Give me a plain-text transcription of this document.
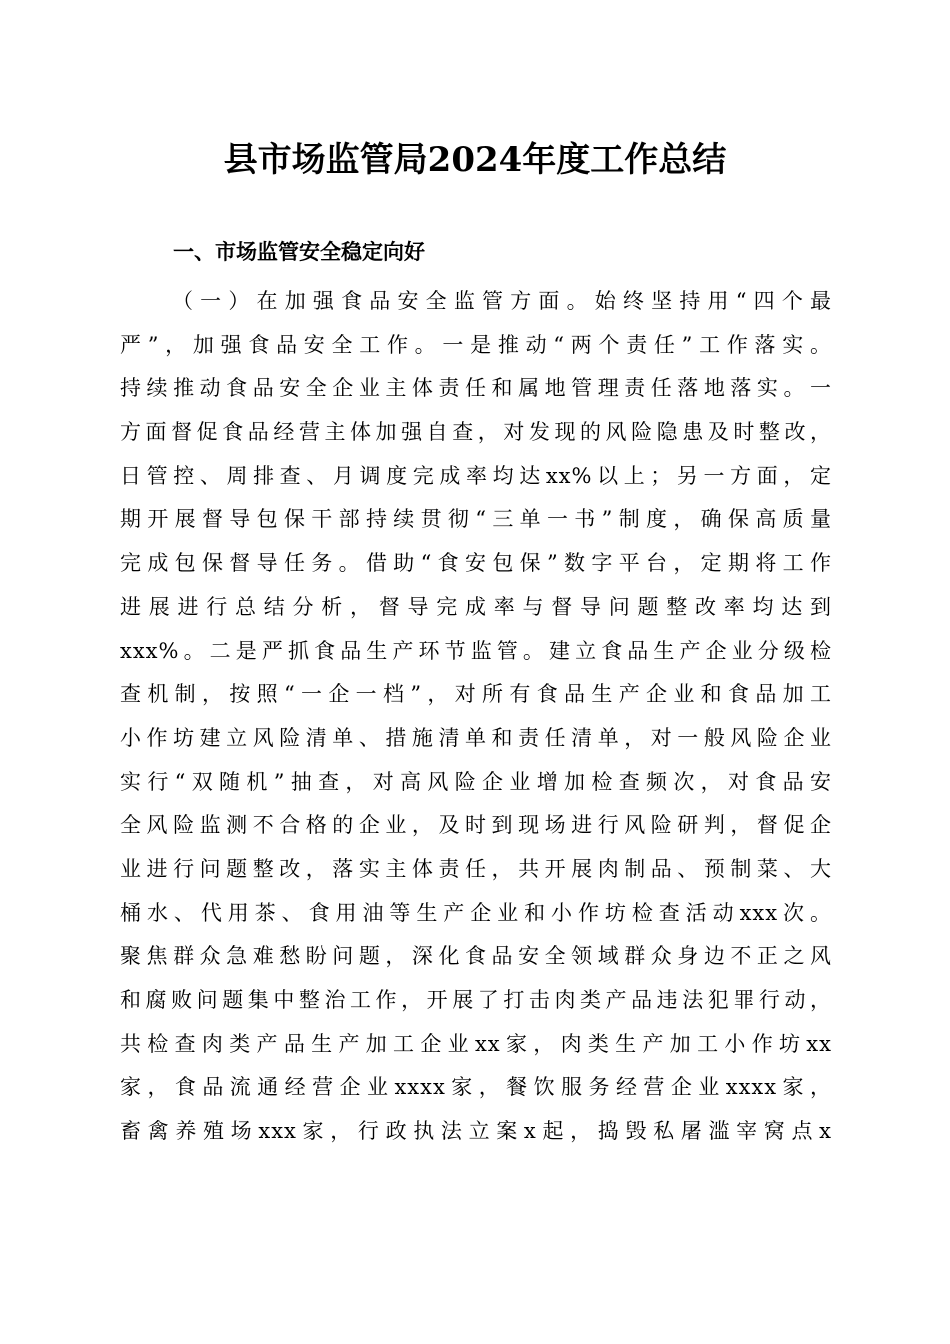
县市场监管局2024年度工作总结
一、市场监管安全稳定向好
（一）在加强食品安全监管方面。始终坚持用“四个最
严”，加强食品安全工作。一是推动“两个责任”工作落实。
持续推动食品安全企业主体责任和属地管理责任落地落实。一
方面督促食品经营主体加强自查，对发现的风险隐患及时整改，
日管控、周排查、月调度完成率均达xx%以上；另一方面，定
期开展督导包保干部持续贯彻“三单一书”制度，确保高质量
完成包保督导任务。借助“食安包保”数字平台，定期将工作
进展进行总结分析，督导完成率与督导问题整改率均达到
xxx%。二是严抓食品生产环节监管。建立食品生产企业分级检
查机制，按照“一企一档”，对所有食品生产企业和食品加工
小作坊建立风险清单、措施清单和责任清单，对一般风险企业
实行“双随机”抽查，对高风险企业增加检查频次，对食品安
全风险监测不合格的企业，及时到现场进行风险研判，督促企
业进行问题整改，落实主体责任，共开展肉制品、预制菜、大
桶水、代用茶、食用油等生产企业和小作坊检查活动xxx次。
聚焦群众急难愁盼问题，深化食品安全领域群众身边不正之风
和腐败问题集中整治工作，开展了打击肉类产品违法犯罪行动，
共检查肉类产品生产加工企业xx家，肉类生产加工小作坊xx
家，食品流通经营企业xxxx家，餐饮服务经营企业xxxx家，
畜禽养殖场xxx家，行政执法立案x起，捣毁私屠滥宰窝点x
